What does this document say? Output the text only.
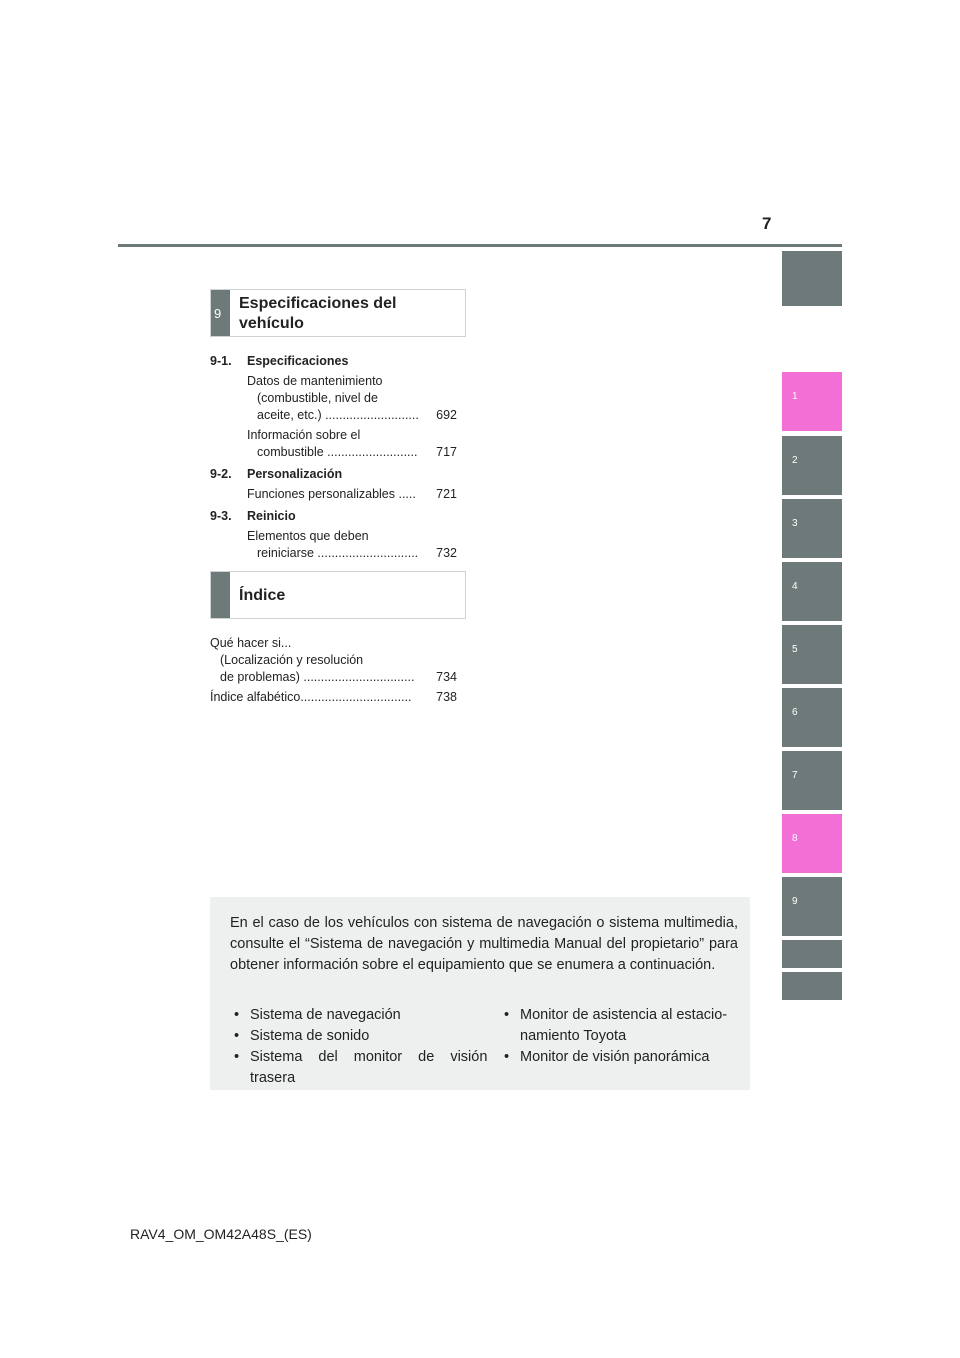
7
1
2
3
4
5
6
7
8
9
9
Especificaciones del
vehículo
9-1. Especificaciones
Datos de mantenimiento
(combustible, nivel de
aceite, etc.) ...........................	692
Información sobre el
combustible ..........................	717
9-2. Personalización
Funciones personalizables .....	721
9-3. Reinicio
Elementos que deben
reiniciarse .............................	732
Índice
Qué hacer si...
(Localización y resolución
de problemas) ................................	734
Índice alfabético................................	738
En el caso de los vehículos con sistema de navegación o sistema multimedia, consulte el “Sistema de navegación y multimedia Manual del propietario” para obtener información sobre el equipamiento que se enumera a continuación.
• Sistema de navegación
• Sistema de sonido
• Sistema del monitor de visión
trasera
• Monitor de asistencia al estacio-
namiento Toyota
• Monitor de visión panorámica
RAV4_OM_OM42A48S_(ES)
